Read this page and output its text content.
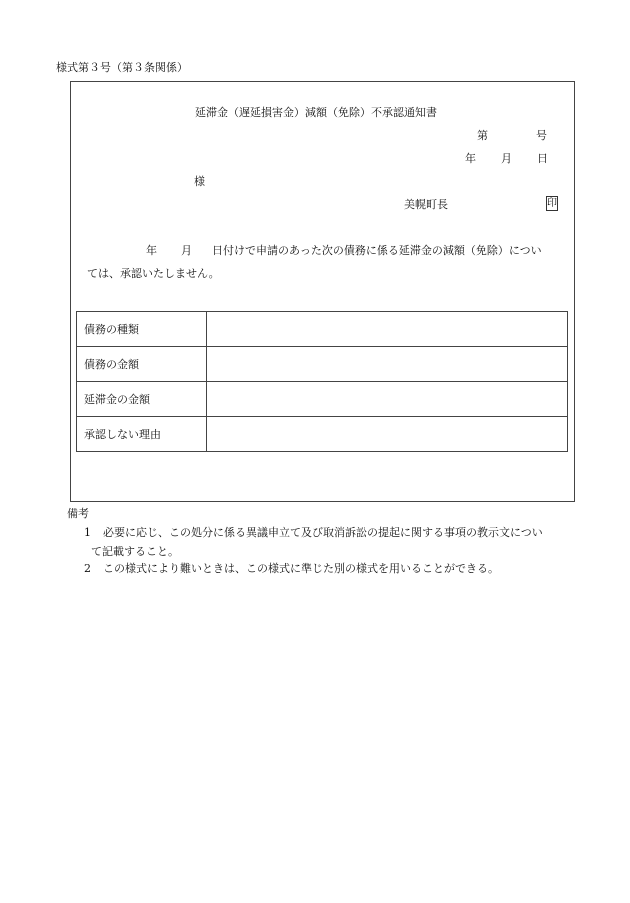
様式第３号（第３条関係）
延滞金（遅延損害金）減額（免除）不承認通知書
第	号
年 月 日
様
美幌町長	印
年 月 日付けで申請のあった次の債務に係る延滞金の減額（免除）につい
ては、承認いたしません。
債務の種類	
債務の金額	
延滞金の金額	
承認しない理由	
備考
1 必要に応じ、この処分に係る異議申立て及び取消訴訟の提起に関する事項の教示文につい
て記載すること。
2 この様式により難いときは、この様式に準じた別の様式を用いることができる。
